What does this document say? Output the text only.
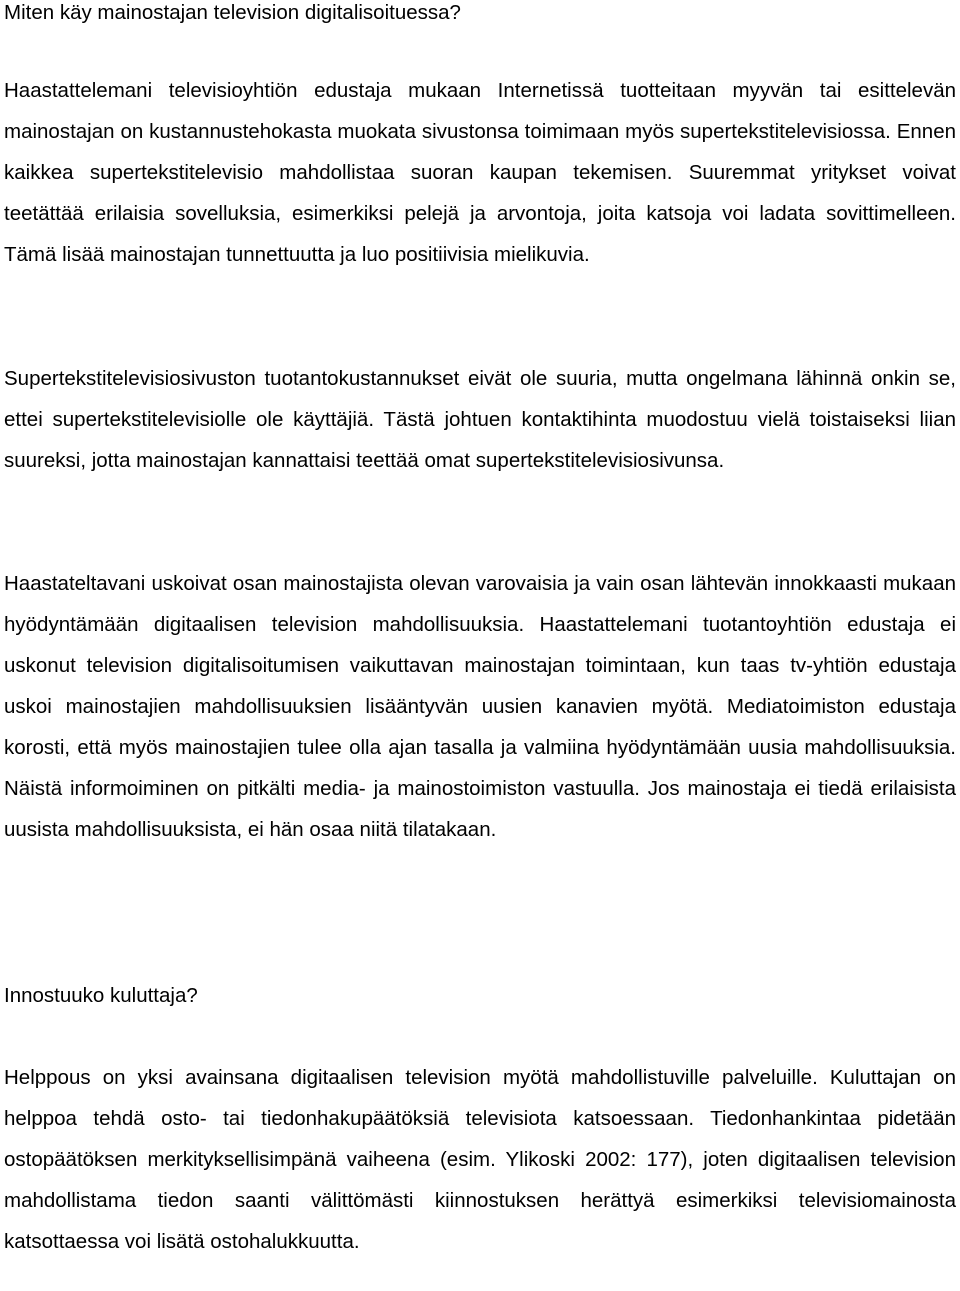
Miten käy mainostajan television digitalisoituessa?

Haastattelemani televisioyhtiön edustaja mukaan Internetissä tuotteitaan myyvän tai esittelevän mainostajan on kustannustehokasta muokata sivustonsa toimimaan myös supertekstitelevisiossa. Ennen kaikkea supertekstitelevisio mahdollistaa suoran kaupan tekemisen. Suuremmat yritykset voivat teetättää erilaisia sovelluksia, esimerkiksi pelejä ja arvontoja, joita katsoja voi ladata sovittimelleen. Tämä lisää mainostajan tunnettuutta ja luo positiivisia mielikuvia.

Supertekstitelevisiosivuston tuotantokustannukset eivät ole suuria, mutta ongelmana lähinnä onkin se, ettei supertekstitelevisiolle ole käyttäjiä. Tästä johtuen kontaktihinta muodostuu vielä toistaiseksi liian suureksi, jotta mainostajan kannattaisi teettää omat supertekstitelevisiosivunsa.

Haastateltavani uskoivat osan mainostajista olevan varovaisia ja vain osan lähtevän innokkaasti mukaan hyödyntämään digitaalisen television mahdollisuuksia. Haastattelemani tuotantoyhtiön edustaja ei uskonut television digitalisoitumisen vaikuttavan mainostajan toimintaan, kun taas tv-yhtiön edustaja uskoi mainostajien mahdollisuuksien lisääntyvän uusien kanavien myötä. Mediatoimiston edustaja korosti, että myös mainostajien tulee olla ajan tasalla ja valmiina hyödyntämään uusia mahdollisuuksia. Näistä informoiminen on pitkälti media- ja mainostoimiston vastuulla. Jos mainostaja ei tiedä erilaisista uusista mahdollisuuksista, ei hän osaa niitä tilatakaan.

Innostuuko kuluttaja?

Helppous on yksi avainsana digitaalisen television myötä mahdollistuville palveluille. Kuluttajan on helppoa tehdä osto- tai tiedonhakupäätöksiä televisiota katsoessaan. Tiedonhankintaa pidetään ostopäätöksen merkityksellisimpänä vaiheena (esim. Ylikoski 2002: 177), joten digitaalisen television mahdollistama tiedon saanti välittömästi kiinnostuksen herättyä esimerkiksi televisiomainosta katsottaessa voi lisätä ostohalukkuutta.
